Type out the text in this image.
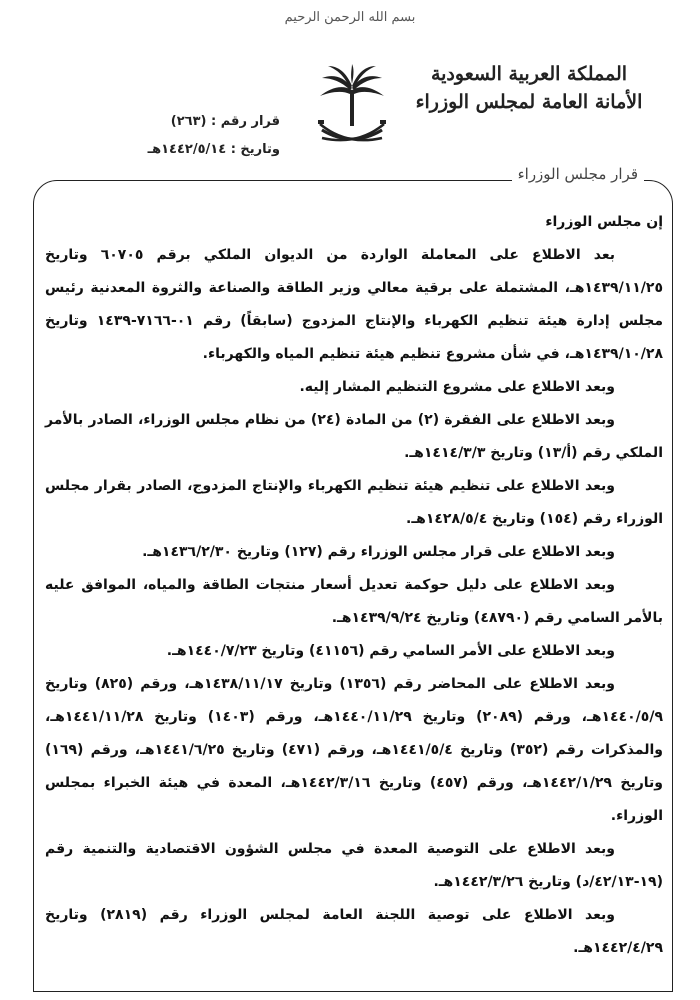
بسم الله الرحمن الرحيم
المملكة العربية السعودية
الأمانة العامة لمجلس الوزراء
قرار رقم : (٢٦٣)
وتاريخ : ١٤٤٢/٥/١٤هـ
قرار مجلس الوزراء
إن مجلس الوزراء
بعد الاطلاع على المعاملة الواردة من الديوان الملكي برقم ٦٠٧٠٥ وتاريخ ١٤٣٩/١١/٢٥هـ، المشتملة على برقية معالي وزير الطاقة والصناعة والثروة المعدنية رئيس مجلس إدارة هيئة تنظيم الكهرباء والإنتاج المزدوج (سابقاً) رقم ٠١-٧١٦٦-١٤٣٩ وتاريخ ١٤٣٩/١٠/٢٨هـ، في شأن مشروع تنظيم هيئة تنظيم المياه والكهرباء.
وبعد الاطلاع على مشروع التنظيم المشار إليه.
وبعد الاطلاع على الفقرة (٢) من المادة (٢٤) من نظام مجلس الوزراء، الصادر بالأمر الملكي رقم (أ/١٣) وتاريخ ١٤١٤/٣/٣هـ.
وبعد الاطلاع على تنظيم هيئة تنظيم الكهرباء والإنتاج المزدوج، الصادر بقرار مجلس الوزراء رقم (١٥٤) وتاريخ ١٤٢٨/٥/٤هـ.
وبعد الاطلاع على قرار مجلس الوزراء رقم (١٢٧) وتاريخ ١٤٣٦/٢/٣٠هـ.
وبعد الاطلاع على دليل حوكمة تعديل أسعار منتجات الطاقة والمياه، الموافق عليه بالأمر السامي رقم (٤٨٧٩٠) وتاريخ ١٤٣٩/٩/٢٤هـ.
وبعد الاطلاع على الأمر السامي رقم (٤١١٥٦) وتاريخ ١٤٤٠/٧/٢٣هـ.
وبعد الاطلاع على المحاضر رقم (١٣٥٦) وتاريخ ١٤٣٨/١١/١٧هـ، ورقم (٨٢٥) وتاريخ ١٤٤٠/٥/٩هـ، ورقم (٢٠٨٩) وتاريخ ١٤٤٠/١١/٢٩هـ، ورقم (١٤٠٣) وتاريخ ١٤٤١/١١/٢٨هـ، والمذكرات رقم (٣٥٢) وتاريخ ١٤٤١/٥/٤هـ، ورقم (٤٧١) وتاريخ ١٤٤١/٦/٢٥هـ، ورقم (١٦٩) وتاريخ ١٤٤٢/١/٢٩هـ، ورقم (٤٥٧) وتاريخ ١٤٤٢/٣/١٦هـ، المعدة في هيئة الخبراء بمجلس الوزراء.
وبعد الاطلاع على التوصية المعدة في مجلس الشؤون الاقتصادية والتنمية رقم (١٩-٤٢/١٣/د) وتاريخ ١٤٤٢/٣/٢٦هـ.
وبعد الاطلاع على توصية اللجنة العامة لمجلس الوزراء رقم (٢٨١٩) وتاريخ ١٤٤٢/٤/٢٩هـ.
